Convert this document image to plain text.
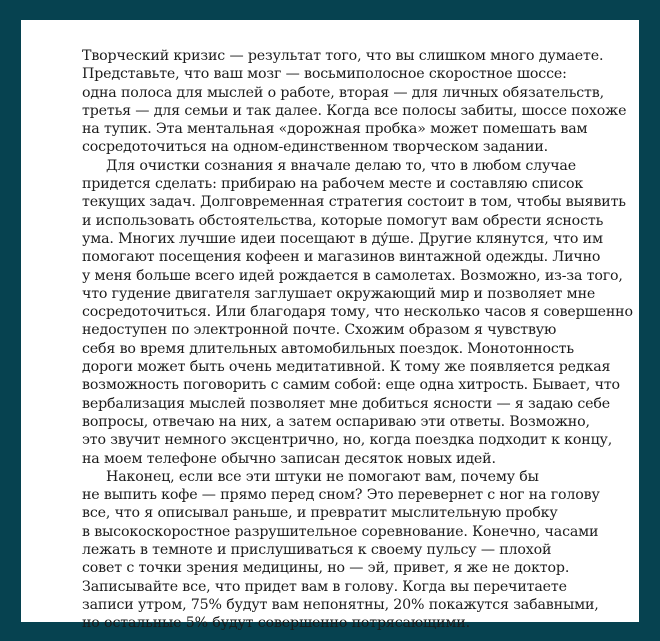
Творческий кризис — результат того, что вы слишком много думаете.
Представьте, что ваш мозг — восьмиполосное скоростное шоссе:
одна полоса для мыслей о работе, вторая — для личных обязательств,
третья — для семьи и так далее. Когда все полосы забиты, шоссе похоже
на тупик. Эта ментальная «дорожная пробка» может помешать вам
сосредоточиться на одном-единственном творческом задании.
Для очистки сознания я вначале делаю то, что в любом случае
придется сделать: прибираю на рабочем месте и составляю список
текущих задач. Долговременная стратегия состоит в том, чтобы выявить
и использовать обстоятельства, которые помогут вам обрести ясность
ума. Многих лучшие идеи посещают в ду́ше. Другие клянутся, что им
помогают посещения кофеен и магазинов винтажной одежды. Лично
у меня больше всего идей рождается в самолетах. Возможно, из-за того,
что гудение двигателя заглушает окружающий мир и позволяет мне
сосредоточиться. Или благодаря тому, что несколько часов я совершенно
недоступен по электронной почте. Схожим образом я чувствую
себя во время длительных автомобильных поездок. Монотонность
дороги может быть очень медитативной. К тому же появляется редкая
возможность поговорить с самим собой: еще одна хитрость. Бывает, что
вербализация мыслей позволяет мне добиться ясности — я задаю себе
вопросы, отвечаю на них, а затем оспариваю эти ответы. Возможно,
это звучит немного эксцентрично, но, когда поездка подходит к концу,
на моем телефоне обычно записан десяток новых идей.
Наконец, если все эти штуки не помогают вам, почему бы
не выпить кофе — прямо перед сном? Это перевернет с ног на голову
все, что я описывал раньше, и превратит мыслительную пробку
в высокоскоростное разрушительное соревнование. Конечно, часами
лежать в темноте и прислушиваться к своему пульсу — плохой
совет с точки зрения медицины, но — эй, привет, я же не доктор.
Записывайте все, что придет вам в голову. Когда вы перечитаете
записи утром, 75% будут вам непонятны, 20% покажутся забавными,
но остальные 5% будут совершенно потрясающими.
